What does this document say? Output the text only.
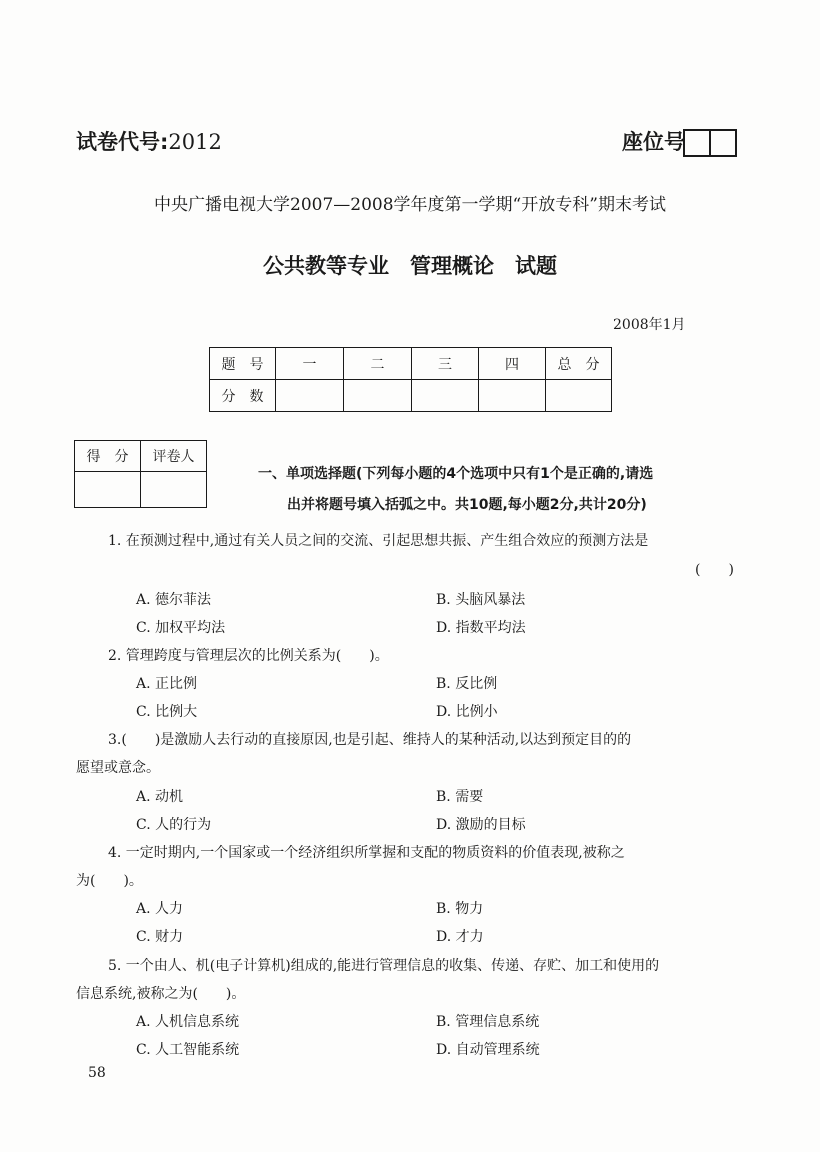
试卷代号:2012	座位号
中央广播电视大学2007—2008学年度第一学期“开放专科”期末考试
公共教等专业　管理概论　试题
2008年1月
题　号	一	二	三	四	总　分
分　数					
得　分	评卷人

一、单项选择题(下列每小题的4个选项中只有1个是正确的,请选
出并将题号填入括弧之中。共10题,每小题2分,共计20分)
1. 在预测过程中,通过有关人员之间的交流、引起思想共振、产生组合效应的预测方法是
(　　)
A. 德尔菲法	B. 头脑风暴法
C. 加权平均法	D. 指数平均法
2. 管理跨度与管理层次的比例关系为(　　)。
A. 正比例	B. 反比例
C. 比例大	D. 比例小
3.(　　)是激励人去行动的直接原因,也是引起、维持人的某种活动,以达到预定目的的
愿望或意念。
A. 动机	B. 需要
C. 人的行为	D. 激励的目标
4. 一定时期内,一个国家或一个经济组织所掌握和支配的物质资料的价值表现,被称之
为(　　)。
A. 人力	B. 物力
C. 财力	D. 才力
5. 一个由人、机(电子计算机)组成的,能进行管理信息的收集、传递、存贮、加工和使用的
信息系统,被称之为(　　)。
A. 人机信息系统	B. 管理信息系统
C. 人工智能系统	D. 自动管理系统
58
